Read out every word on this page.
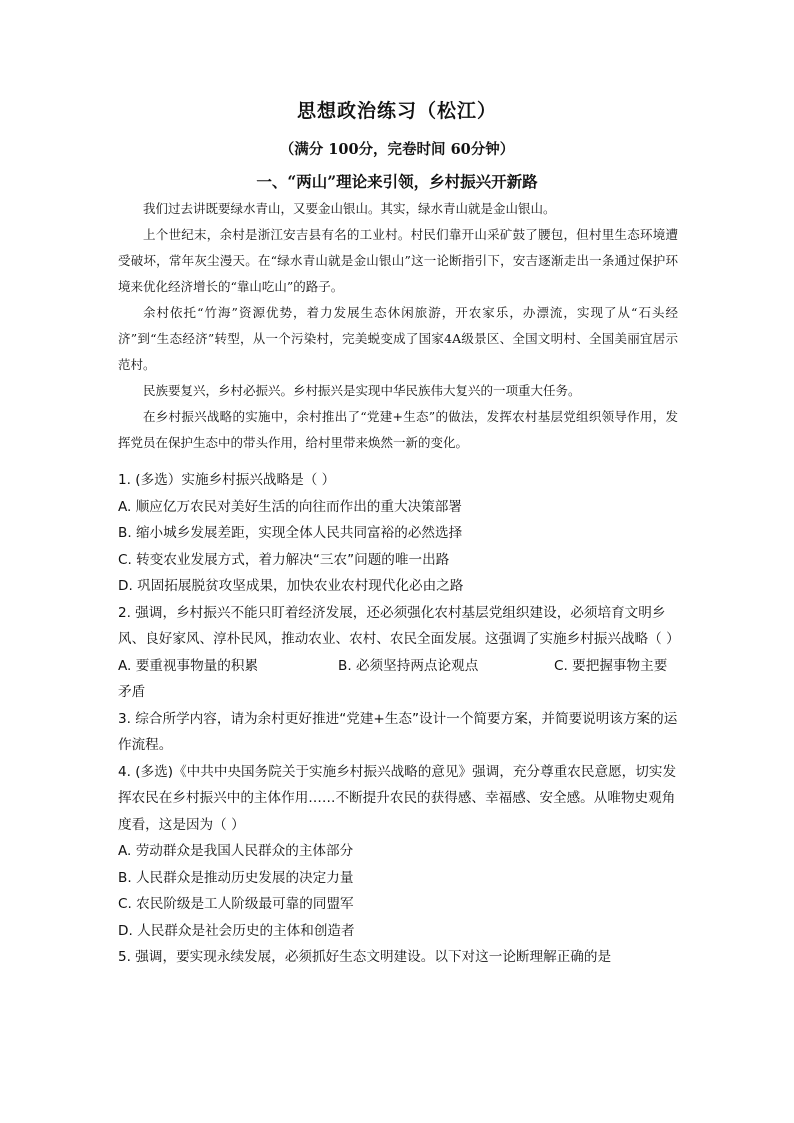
思想政治练习（松江）
（满分 100分，完卷时间 60分钟）
一、“两山”理论来引领，乡村振兴开新路

我们过去讲既要绿水青山，又要金山银山。其实，绿水青山就是金山银山。

上个世纪末，余村是浙江安吉县有名的工业村。村民们靠开山采矿鼓了腰包，但村里生态环境遭受破坏，常年灰尘漫天。在“绿水青山就是金山银山”这一论断指引下，安吉逐渐走出一条通过保护环境来优化经济增长的“靠山吃山”的路子。

余村依托“竹海”资源优势，着力发展生态休闲旅游，开农家乐，办漂流，实现了从“石头经济”到“生态经济”转型，从一个污染村，完美蜕变成了国家4A级景区、全国文明村、全国美丽宜居示范村。

民族要复兴，乡村必振兴。乡村振兴是实现中华民族伟大复兴的一项重大任务。

在乡村振兴战略的实施中，余村推出了“党建+生态”的做法，发挥农村基层党组织领导作用，发挥党员在保护生态中的带头作用，给村里带来焕然一新的变化。

1. (多选）实施乡村振兴战略是（ ）

A. 顺应亿万农民对美好生活的向往而作出的重大决策部署

B. 缩小城乡发展差距，实现全体人民共同富裕的必然选择

C. 转变农业发展方式，着力解决“三农”问题的唯一出路

D. 巩固拓展脱贫攻坚成果，加快农业农村现代化必由之路

2. 强调，乡村振兴不能只盯着经济发展，还必须强化农村基层党组织建设，必须培育文明乡风、良好家风、淳朴民风，推动农业、农村、农民全面发展。这强调了实施乡村振兴战略（ ）

A. 要重视事物量的积累	B. 必须坚持两点论观点	C. 要把握事物主要

矛盾

3. 综合所学内容，请为余村更好推进“党建+生态”设计一个简要方案，并简要说明该方案的运作流程。

4. (多选)《中共中央国务院关于实施乡村振兴战略的意见》强调，充分尊重农民意愿，切实发挥农民在乡村振兴中的主体作用……不断提升农民的获得感、幸福感、安全感。从唯物史观角度看，这是因为（ ）

A. 劳动群众是我国人民群众的主体部分

B. 人民群众是推动历史发展的决定力量

C. 农民阶级是工人阶级最可靠的同盟军

D. 人民群众是社会历史的主体和创造者

5. 强调，要实现永续发展，必须抓好生态文明建设。以下对这一论断理解正确的是
